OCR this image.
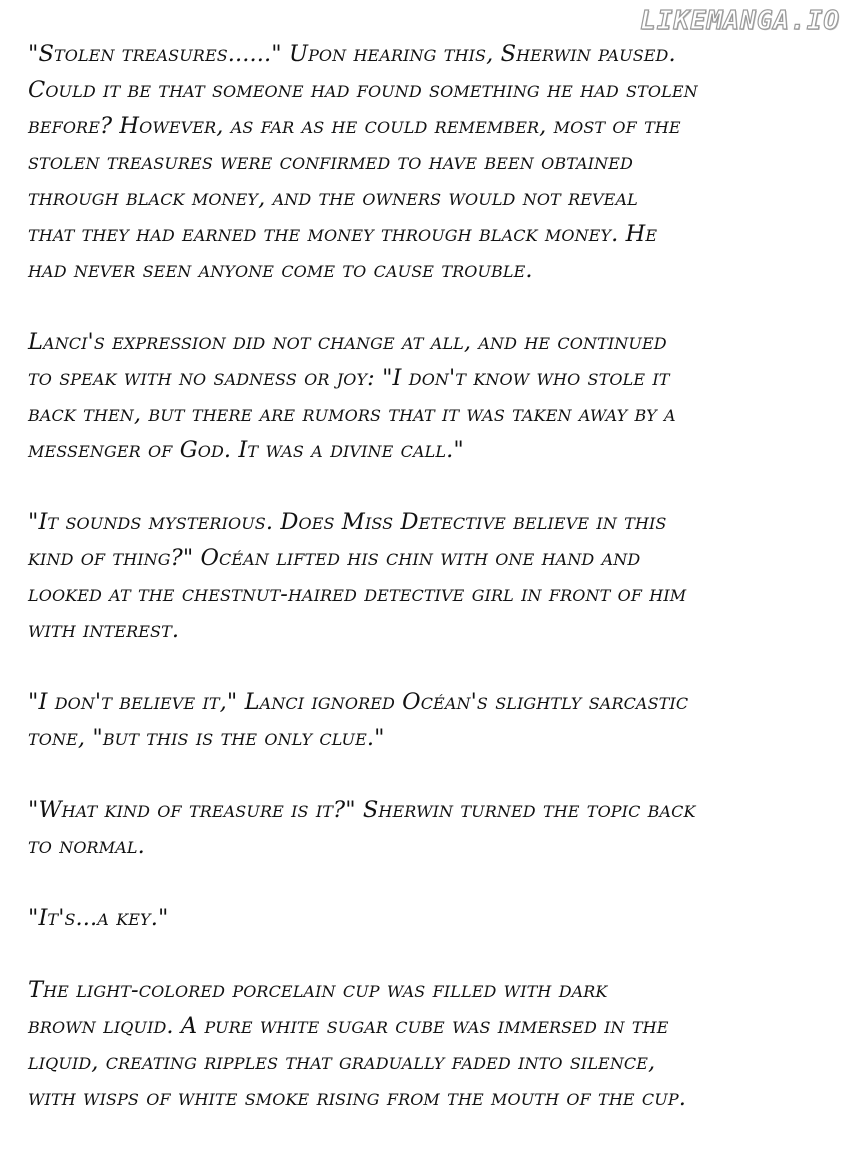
LIKEMANGA.IO

"Stolen treasures......" Upon hearing this, Sherwin paused.
Could it be that someone had found something he had stolen
before? However, as far as he could remember, most of the
stolen treasures were confirmed to have been obtained
through black money, and the owners would not reveal
that they had earned the money through black money. He
had never seen anyone come to cause trouble.

Lanci's expression did not change at all, and he continued
to speak with no sadness or joy: "I don't know who stole it
back then, but there are rumors that it was taken away by a
messenger of God. It was a divine call."

"It sounds mysterious. Does Miss Detective believe in this
kind of thing?" Océan lifted his chin with one hand and
looked at the chestnut-haired detective girl in front of him
with interest.

"I don't believe it," Lanci ignored Océan's slightly sarcastic
tone, "but this is the only clue."

"What kind of treasure is it?" Sherwin turned the topic back
to normal.

"It's...a key."

The light-colored porcelain cup was filled with dark
brown liquid. A pure white sugar cube was immersed in the
liquid, creating ripples that gradually faded into silence,
with wisps of white smoke rising from the mouth of the cup.
